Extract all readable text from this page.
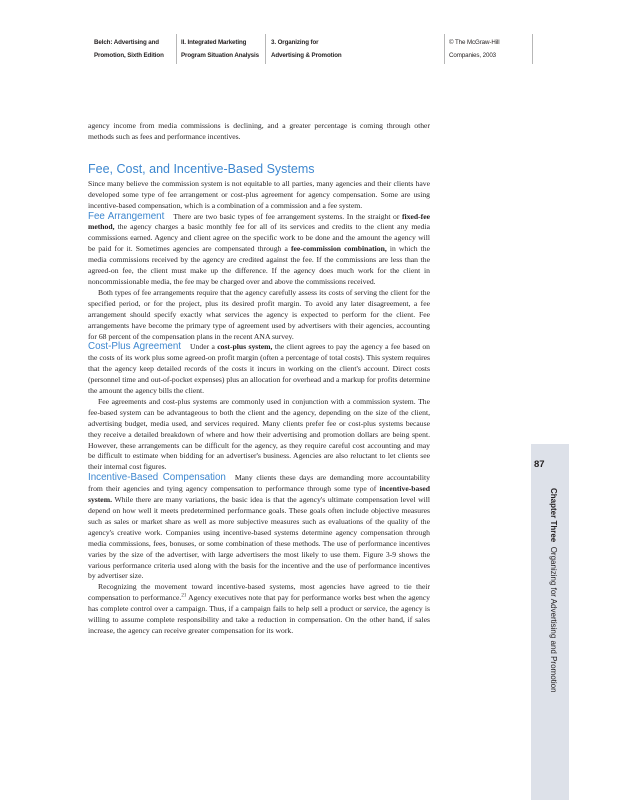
Belch: Advertising and
Promotion, Sixth Edition
II. Integrated Marketing
Program Situation Analysis
3. Organizing for
Advertising & Promotion
© The McGraw-Hill
Companies, 2003

agency income from media commissions is declining, and a greater percentage is coming through other methods such as fees and performance incentives.

Fee, Cost, and Incentive-Based Systems

Since many believe the commission system is not equitable to all parties, many agencies and their clients have developed some type of fee arrangement or cost-plus agreement for agency compensation. Some are using incentive-based compensation, which is a combination of a commission and a fee system.

Fee Arrangement There are two basic types of fee arrangement systems. In the straight or fixed-fee method, the agency charges a basic monthly fee for all of its services and credits to the client any media commissions earned. Agency and client agree on the specific work to be done and the amount the agency will be paid for it. Sometimes agencies are compensated through a fee-commission combination, in which the media commissions received by the agency are credited against the fee. If the commissions are less than the agreed-on fee, the client must make up the difference. If the agency does much work for the client in noncommissionable media, the fee may be charged over and above the commissions received.

Both types of fee arrangements require that the agency carefully assess its costs of serving the client for the specified period, or for the project, plus its desired profit margin. To avoid any later disagreement, a fee arrangement should specify exactly what services the agency is expected to perform for the client. Fee arrangements have become the primary type of agreement used by advertisers with their agencies, accounting for 68 percent of the compensation plans in the recent ANA survey.

Cost-Plus Agreement Under a cost-plus system, the client agrees to pay the agency a fee based on the costs of its work plus some agreed-on profit margin (often a percentage of total costs). This system requires that the agency keep detailed records of the costs it incurs in working on the client's account. Direct costs (personnel time and out-of-pocket expenses) plus an allocation for overhead and a markup for profits determine the amount the agency bills the client.

Fee agreements and cost-plus systems are commonly used in conjunction with a commission system. The fee-based system can be advantageous to both the client and the agency, depending on the size of the client, advertising budget, media used, and services required. Many clients prefer fee or cost-plus systems because they receive a detailed breakdown of where and how their advertising and promotion dollars are being spent. However, these arrangements can be difficult for the agency, as they require careful cost accounting and may be difficult to estimate when bidding for an advertiser's business. Agencies are also reluctant to let clients see their internal cost figures.

Incentive-Based Compensation Many clients these days are demanding more accountability from their agencies and tying agency compensation to performance through some type of incentive-based system. While there are many variations, the basic idea is that the agency's ultimate compensation level will depend on how well it meets predetermined performance goals. These goals often include objective measures such as sales or market share as well as more subjective measures such as evaluations of the quality of the agency's creative work. Companies using incentive-based systems determine agency compensation through media commissions, fees, bonuses, or some combination of these methods. The use of performance incentives varies by the size of the advertiser, with large advertisers the most likely to use them. Figure 3-9 shows the various performance criteria used along with the basis for the incentive and the use of performance incentives by advertiser size.

Recognizing the movement toward incentive-based systems, most agencies have agreed to tie their compensation to performance.$^{21}$ Agency executives note that pay for performance works best when the agency has complete control over a campaign. Thus, if a campaign fails to help sell a product or service, the agency is willing to assume complete responsibility and take a reduction in compensation. On the other hand, if sales increase, the agency can receive greater compensation for its work.

87
Chapter Three  Organizing for Advertising and Promotion
